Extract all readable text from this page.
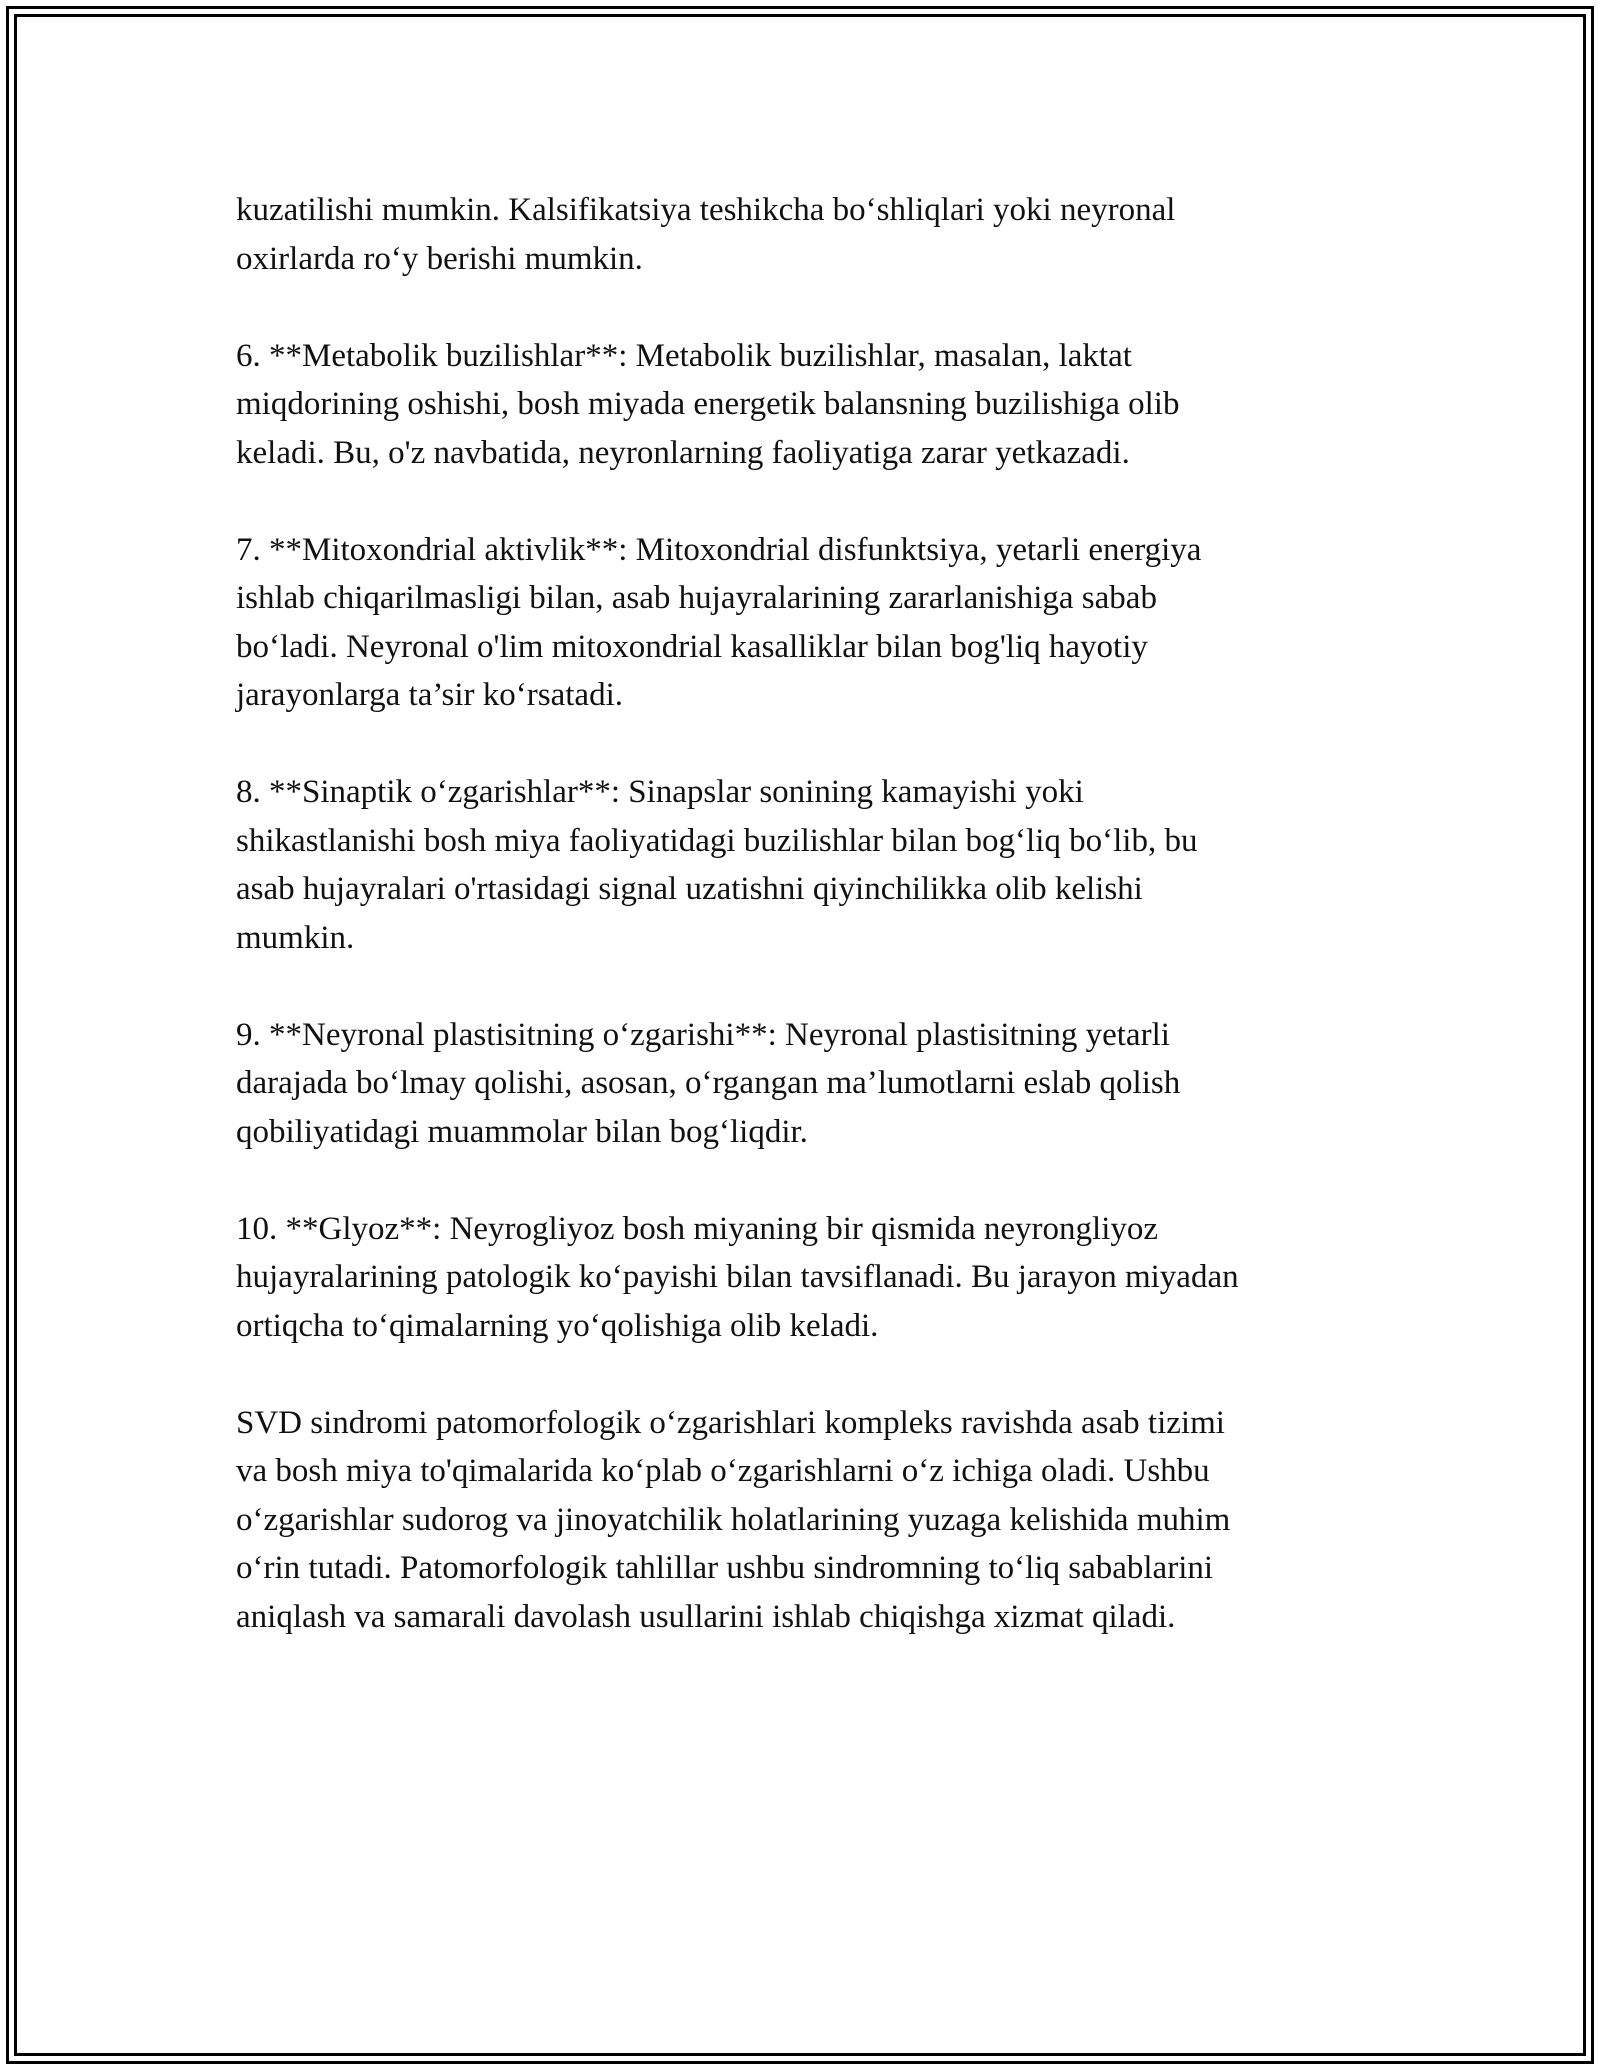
kuzatilishi mumkin. Kalsifikatsiya teshikcha bo‘shliqlari yoki neyronal
oxirlarda ro‘y berishi mumkin.

6. **Metabolik buzilishlar**: Metabolik buzilishlar, masalan, laktat
miqdorining oshishi, bosh miyada energetik balansning buzilishiga olib
keladi. Bu, o'z navbatida, neyronlarning faoliyatiga zarar yetkazadi.

7. **Mitoxondrial aktivlik**: Mitoxondrial disfunktsiya, yetarli energiya
ishlab chiqarilmasligi bilan, asab hujayralarining zararlanishiga sabab
bo‘ladi. Neyronal o'lim mitoxondrial kasalliklar bilan bog'liq hayotiy
jarayonlarga ta’sir ko‘rsatadi.

8. **Sinaptik o‘zgarishlar**: Sinapslar sonining kamayishi yoki
shikastlanishi bosh miya faoliyatidagi buzilishlar bilan bog‘liq bo‘lib, bu
asab hujayralari o'rtasidagi signal uzatishni qiyinchilikka olib kelishi
mumkin.

9. **Neyronal plastisitning o‘zgarishi**: Neyronal plastisitning yetarli
darajada bo‘lmay qolishi, asosan, o‘rgangan ma’lumotlarni eslab qolish
qobiliyatidagi muammolar bilan bog‘liqdir.

10. **Glyoz**: Neyrogliyoz bosh miyaning bir qismida neyrongliyoz
hujayralarining patologik ko‘payishi bilan tavsiflanadi. Bu jarayon miyadan
ortiqcha to‘qimalarning yo‘qolishiga olib keladi.

SVD sindromi patomorfologik o‘zgarishlari kompleks ravishda asab tizimi
va bosh miya to'qimalarida ko‘plab o‘zgarishlarni o‘z ichiga oladi. Ushbu
o‘zgarishlar sudorog va jinoyatchilik holatlarining yuzaga kelishida muhim
o‘rin tutadi. Patomorfologik tahlillar ushbu sindromning to‘liq sabablarini
aniqlash va samarali davolash usullarini ishlab chiqishga xizmat qiladi.
